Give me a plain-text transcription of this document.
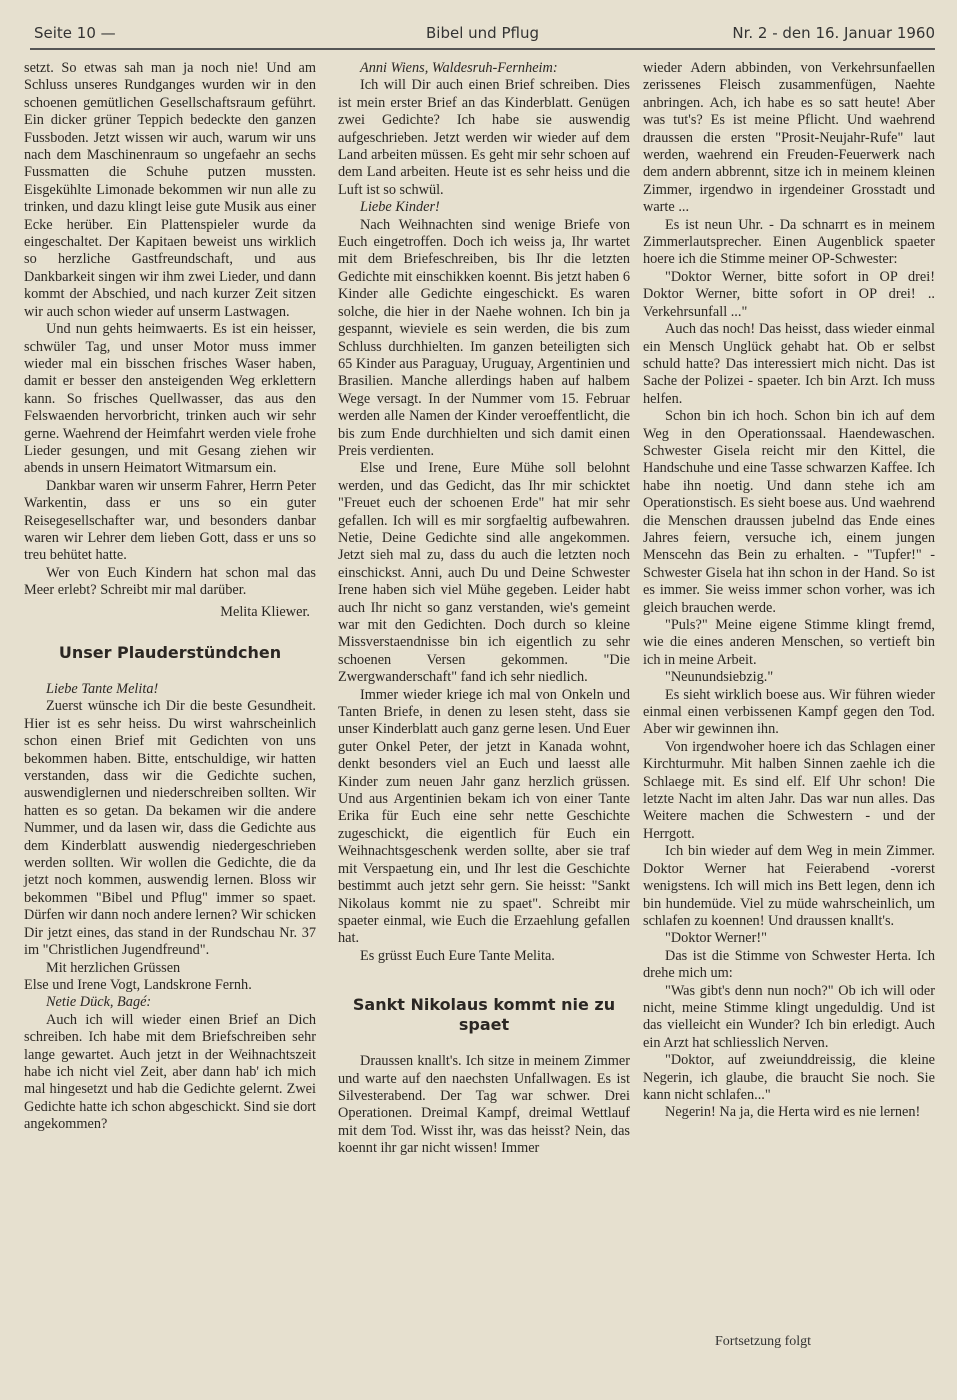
Seite 10 —	Bibel und Pflug	Nr. 2 - den 16. Januar 1960

setzt. So etwas sah man ja noch nie! Und am Schluss unseres Rundganges wurden wir in den schoenen gemütlichen Gesellschaftsraum geführt. Ein dicker grüner Teppich bedeckte den ganzen Fussboden. Jetzt wissen wir auch, warum wir uns nach dem Maschinenraum so ungefaehr an sechs Fussmatten die Schuhe putzen mussten. Eisgekühlte Limonade bekommen wir nun alle zu trinken, und dazu klingt leise gute Musik aus einer Ecke herüber. Ein Plattenspieler wurde da eingeschaltet. Der Kapitaen beweist uns wirklich so herzliche Gastfreundschaft, und aus Dankbarkeit singen wir ihm zwei Lieder, und dann kommt der Abschied, und nach kurzer Zeit sitzen wir auch schon wieder auf unserm Lastwagen.

Und nun gehts heimwaerts. Es ist ein heisser, schwüler Tag, und unser Motor muss immer wieder mal ein bisschen frisches Waser haben, damit er besser den ansteigenden Weg erklettern kann. So frisches Quellwasser, das aus den Felswaenden hervorbricht, trinken auch wir sehr gerne. Waehrend der Heimfahrt werden viele frohe Lieder gesungen, und mit Gesang ziehen wir abends in unsern Heimatort Witmarsum ein.

Dankbar waren wir unserm Fahrer, Herrn Peter Warkentin, dass er uns so ein guter Reisegesellschafter war, und besonders danbar waren wir Lehrer dem lieben Gott, dass er uns so treu behütet hatte.

Wer von Euch Kindern hat schon mal das Meer erlebt? Schreibt mir mal darüber.

Melita Kliewer.
Unser Plauderstündchen

Liebe Tante Melita!

Zuerst wünsche ich Dir die beste Gesundheit. Hier ist es sehr heiss. Du wirst wahrscheinlich schon einen Brief mit Gedichten von uns bekommen haben. Bitte, entschuldige, wir hatten verstanden, dass wir die Gedichte suchen, auswendiglernen und niederschreiben sollten. Wir hatten es so getan. Da bekamen wir die andere Nummer, und da lasen wir, dass die Gedichte aus dem Kinderblatt auswendig niedergeschrieben werden sollten. Wir wollen die Gedichte, die da jetzt noch kommen, auswendig lernen. Bloss wir bekommen "Bibel und Pflug" immer so spaet. Dürfen wir dann noch andere lernen? Wir schicken Dir jetzt eines, das stand in der Rundschau Nr. 37 im "Christlichen Jugendfreund".

Mit herzlichen Grüssen

Else und Irene Vogt, Landskrone Fernh.

Netie Dück, Bagé:

Auch ich will wieder einen Brief an Dich schreiben. Ich habe mit dem Briefschreiben sehr lange gewartet. Auch jetzt in der Weihnachtszeit habe ich nicht viel Zeit, aber dann hab' ich mich mal hingesetzt und hab die Gedichte gelernt. Zwei Gedichte hatte ich schon abgeschickt. Sind sie dort angekommen?

Anni Wiens, Waldesruh-Fernheim:

Ich will Dir auch einen Brief schreiben. Dies ist mein erster Brief an das Kinderblatt. Genügen zwei Gedichte? Ich habe sie auswendig aufgeschrieben. Jetzt werden wir wieder auf dem Land arbeiten müssen. Es geht mir sehr schoen auf dem Land arbeiten. Heute ist es sehr heiss und die Luft ist so schwül.

Liebe Kinder!

Nach Weihnachten sind wenige Briefe von Euch eingetroffen. Doch ich weiss ja, Ihr wartet mit dem Briefeschreiben, bis Ihr die letzten Gedichte mit einschikken koennt. Bis jetzt haben 6 Kinder alle Gedichte eingeschickt. Es waren solche, die hier in der Naehe wohnen. Ich bin ja gespannt, wieviele es sein werden, die bis zum Schluss durchhielten. Im ganzen beteiligten sich 65 Kinder aus Paraguay, Uruguay, Argentinien und Brasilien. Manche allerdings haben auf halbem Wege versagt. In der Nummer vom 15. Februar werden alle Namen der Kinder veroeffentlicht, die bis zum Ende durchhielten und sich damit einen Preis verdienten.

Else und Irene, Eure Mühe soll belohnt werden, und das Gedicht, das Ihr mir schicktet "Freuet euch der schoenen Erde" hat mir sehr gefallen. Ich will es mir sorgfaeltig aufbewahren. Netie, Deine Gedichte sind alle angekommen. Jetzt sieh mal zu, dass du auch die letzten noch einschickst. Anni, auch Du und Deine Schwester Irene haben sich viel Mühe gegeben. Leider habt auch Ihr nicht so ganz verstanden, wie's gemeint war mit den Gedichten. Doch durch so kleine Missverstaendnisse bin ich eigentlich zu sehr schoenen Versen gekommen. "Die Zwergwanderschaft" fand ich sehr niedlich.

Immer wieder kriege ich mal von Onkeln und Tanten Briefe, in denen zu lesen steht, dass sie unser Kinderblatt auch ganz gerne lesen. Und Euer guter Onkel Peter, der jetzt in Kanada wohnt, denkt besonders viel an Euch und laesst alle Kinder zum neuen Jahr ganz herzlich grüssen. Und aus Argentinien bekam ich von einer Tante Erika für Euch eine sehr nette Geschichte zugeschickt, die eigentlich für Euch ein Weihnachtsgeschenk werden sollte, aber sie traf mit Verspaetung ein, und Ihr lest die Geschichte bestimmt auch jetzt sehr gern. Sie heisst: "Sankt Nikolaus kommt nie zu spaet". Schreibt mir spaeter einmal, wie Euch die Erzaehlung gefallen hat.

Es grüsst Euch Eure Tante Melita.

Sankt Nikolaus kommt nie zu spaet

Draussen knallt's. Ich sitze in meinem Zimmer und warte auf den naechsten Unfallwagen. Es ist Silvesterabend. Der Tag war schwer. Drei Operationen. Dreimal Kampf, dreimal Wettlauf mit dem Tod. Wisst ihr, was das heisst? Nein, das koennt ihr gar nicht wissen! Immer

wieder Adern abbinden, von Verkehrsunfaellen zerissenes Fleisch zusammenfügen, Naehte anbringen. Ach, ich habe es so satt heute! Aber was tut's? Es ist meine Pflicht. Und waehrend draussen die ersten "Prosit-Neujahr-Rufe" laut werden, waehrend ein Freuden-Feuerwerk nach dem andern abbrennt, sitze ich in meinem kleinen Zimmer, irgendwo in irgendeiner Grosstadt und warte ...

Es ist neun Uhr. - Da schnarrt es in meinem Zimmerlautsprecher. Einen Augenblick spaeter hoere ich die Stimme meiner OP-Schwester:

"Doktor Werner, bitte sofort in OP drei! Doktor Werner, bitte sofort in OP drei! .. Verkehrsunfall ..."

Auch das noch! Das heisst, dass wieder einmal ein Mensch Unglück gehabt hat. Ob er selbst schuld hatte? Das interessiert mich nicht. Das ist Sache der Polizei - spaeter. Ich bin Arzt. Ich muss helfen.

Schon bin ich hoch. Schon bin ich auf dem Weg in den Operationssaal. Haendewaschen. Schwester Gisela reicht mir den Kittel, die Handschuhe und eine Tasse schwarzen Kaffee. Ich habe ihn noetig. Und dann stehe ich am Operationstisch. Es sieht boese aus. Und waehrend die Menschen draussen jubelnd das Ende eines Jahres feiern, versuche ich, einem jungen Menscehn das Bein zu erhalten. - "Tupfer!" - Schwester Gisela hat ihn schon in der Hand. So ist es immer. Sie weiss immer schon vorher, was ich gleich brauchen werde.

"Puls?" Meine eigene Stimme klingt fremd, wie die eines anderen Menschen, so vertieft bin ich in meine Arbeit.

"Neunundsiebzig."

Es sieht wirklich boese aus. Wir führen wieder einmal einen verbissenen Kampf gegen den Tod. Aber wir gewinnen ihn.

Von irgendwoher hoere ich das Schlagen einer Kirchturmuhr. Mit halben Sinnen zaehle ich die Schlaege mit. Es sind elf. Elf Uhr schon! Die letzte Nacht im alten Jahr. Das war nun alles. Das Weitere machen die Schwestern - und der Herrgott.

Ich bin wieder auf dem Weg in mein Zimmer. Doktor Werner hat Feierabend -vorerst wenigstens. Ich will mich ins Bett legen, denn ich bin hundemüde. Viel zu müde wahrscheinlich, um schlafen zu koennen! Und draussen knallt's.

"Doktor Werner!"

Das ist die Stimme von Schwester Herta. Ich drehe mich um:

"Was gibt's denn nun noch?" Ob ich will oder nicht, meine Stimme klingt ungeduldig. Und ist das vielleicht ein Wunder? Ich bin erledigt. Auch ein Arzt hat schliesslich Nerven.

"Doktor, auf zweiunddreissig, die kleine Negerin, ich glaube, die braucht Sie noch. Sie kann nicht schlafen..."

Negerin! Na ja, die Herta wird es nie lernen!

Fortsetzung folgt
